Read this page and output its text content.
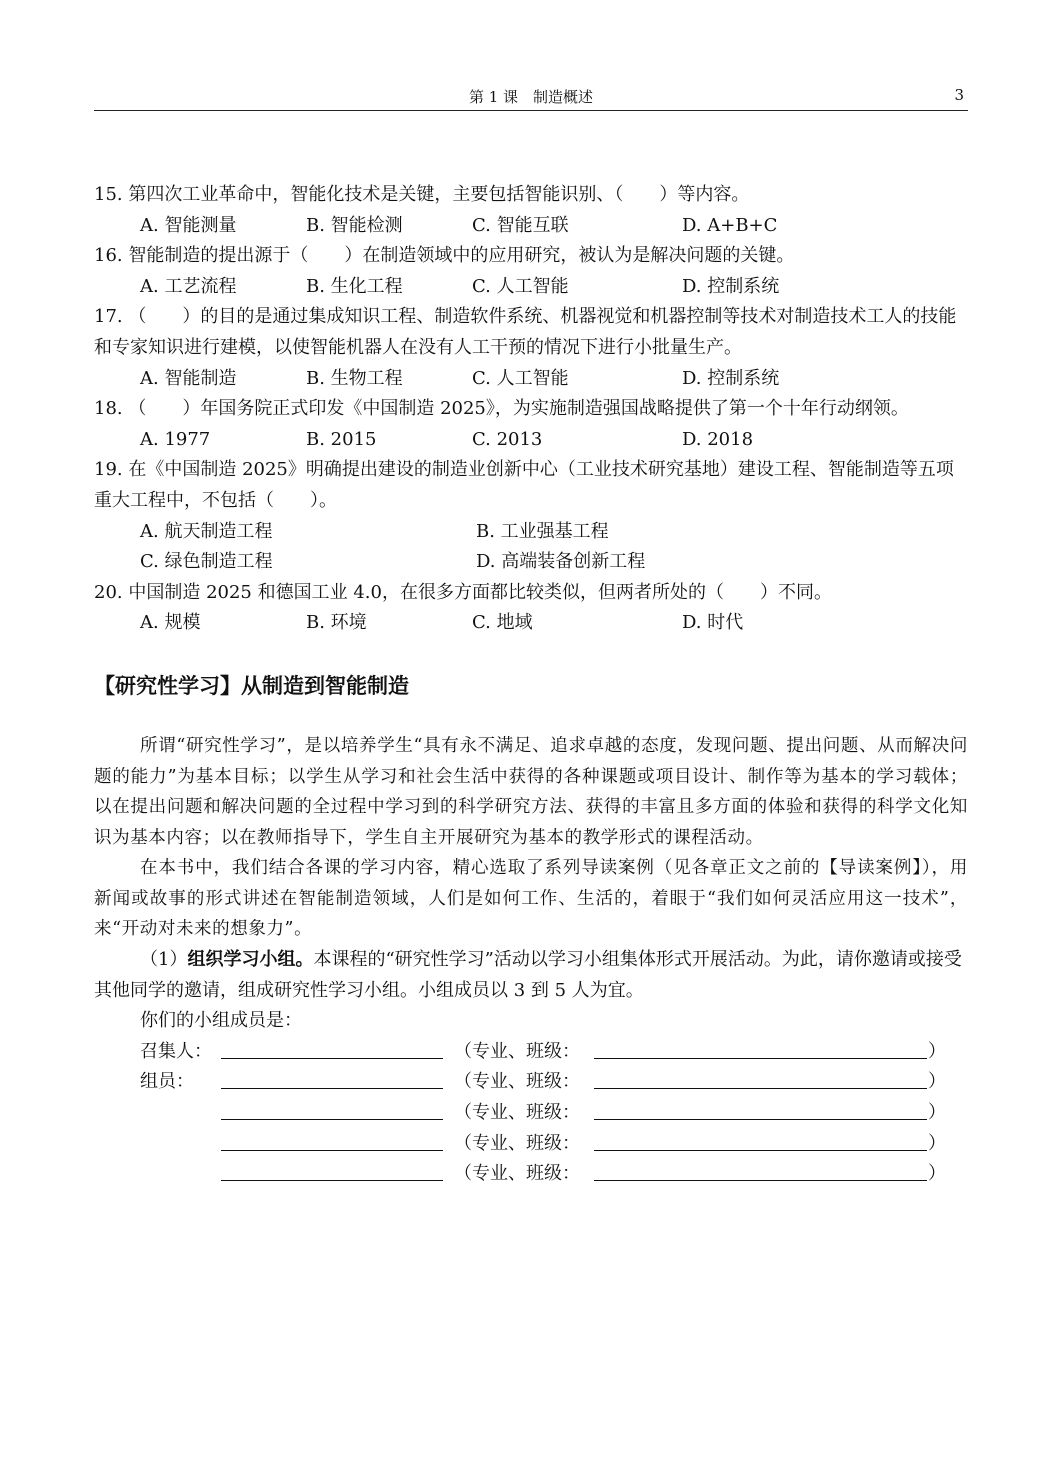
第 1 课　制造概述	3

15. 第四次工业革命中，智能化技术是关键，主要包括智能识别、（　　）等内容。

A. 智能测量	B. 智能检测	C. 智能互联	D. A+B+C

16. 智能制造的提出源于（　　）在制造领域中的应用研究，被认为是解决问题的关键。

A. 工艺流程	B. 生化工程	C. 人工智能	D. 控制系统

17. （　　）的目的是通过集成知识工程、制造软件系统、机器视觉和机器控制等技术对制造技术工人的技能和专家知识进行建模，以使智能机器人在没有人工干预的情况下进行小批量生产。

A. 智能制造	B. 生物工程	C. 人工智能	D. 控制系统

18. （　　）年国务院正式印发《中国制造 2025》，为实施制造强国战略提供了第一个十年行动纲领。

A. 1977	B. 2015	C. 2013	D. 2018

19. 在《中国制造 2025》明确提出建设的制造业创新中心（工业技术研究基地）建设工程、智能制造等五项重大工程中，不包括（　　）。

A. 航天制造工程	B. 工业强基工程
C. 绿色制造工程	D. 高端装备创新工程

20. 中国制造 2025 和德国工业 4.0，在很多方面都比较类似，但两者所处的（　　）不同。

A. 规模	B. 环境	C. 地域	D. 时代
【研究性学习】从制造到智能制造

所谓“研究性学习”，是以培养学生“具有永不满足、追求卓越的态度，发现问题、提出问题、从而解决问题的能力”为基本目标；以学生从学习和社会生活中获得的各种课题或项目设计、制作等为基本的学习载体；以在提出问题和解决问题的全过程中学习到的科学研究方法、获得的丰富且多方面的体验和获得的科学文化知识为基本内容；以在教师指导下，学生自主开展研究为基本的教学形式的课程活动。

在本书中，我们结合各课的学习内容，精心选取了系列导读案例（见各章正文之前的【导读案例】），用新闻或故事的形式讲述在智能制造领域，人们是如何工作、生活的，着眼于“我们如何灵活应用这一技术”，来“开动对未来的想象力”。

（1）组织学习小组。本课程的“研究性学习”活动以学习小组集体形式开展活动。为此，请你邀请或接受其他同学的邀请，组成研究性学习小组。小组成员以 3 到 5 人为宜。

你们的小组成员是：

召集人：	（专业、班级：	）
组员：	（专业、班级：	）
（专业、班级：	）
（专业、班级：	）
（专业、班级：	）
